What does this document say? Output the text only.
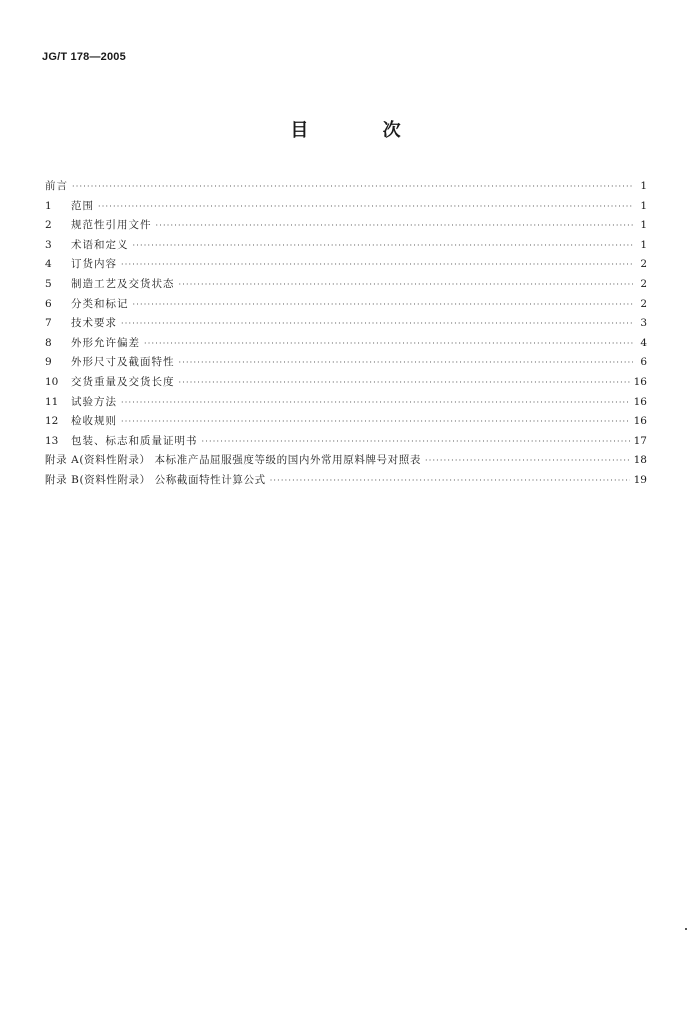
JG/T 178—2005
目 次
前言 ·····	1
1	范围 ·····	1
2	规范性引用文件 ·····	1
3	术语和定义 ·····	1
4	订货内容 ·····	2
5	制造工艺及交货状态 ·····	2
6	分类和标记 ·····	2
7	技术要求 ·····	3
8	外形允许偏差 ·····	4
9	外形尺寸及截面特性 ·····	6
10	交货重量及交货长度 ·····	16
11	试验方法 ·····	16
12	检收规则 ·····	16
13	包装、标志和质量证明书 ·····	17
附录 A(资料性附录） 本标准产品屈服强度等级的国内外常用原料牌号对照表 ·····	18
附录 B(资料性附录） 公称截面特性计算公式 ·····	19
